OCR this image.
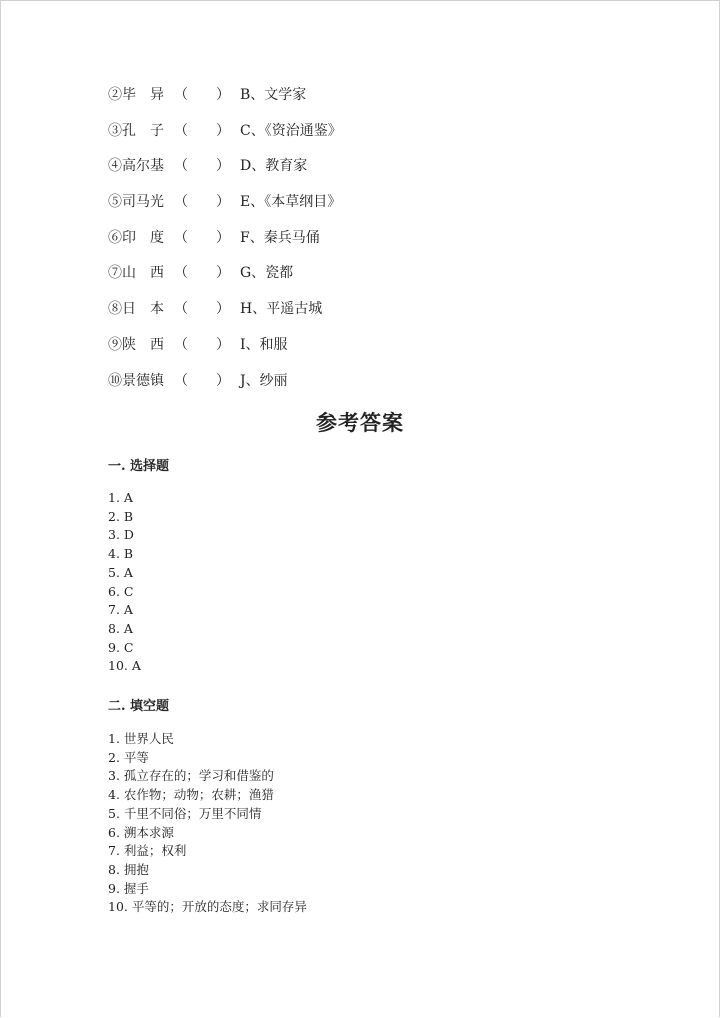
②毕　异 （　　） B、文学家
③孔　子 （　　） C、《资治通鉴》
④高尔基 （　　） D、教育家
⑤司马光 （　　） E、《本草纲目》
⑥印　度 （　　） F、秦兵马俑
⑦山　西 （　　） G、瓷都
⑧日　本 （　　） H、平遥古城
⑨陕　西 （　　） I、和服
⑩景德镇 （　　） J、纱丽
参考答案
一. 选择题
1. A
2. B
3. D
4. B
5. A
6. C
7. A
8. A
9. C
10. A
二. 填空题
1. 世界人民
2. 平等
3. 孤立存在的；学习和借鉴的
4. 农作物；动物；农耕；渔猎
5. 千里不同俗；万里不同情
6. 溯本求源
7. 利益；权利
8. 拥抱
9. 握手
10. 平等的；开放的态度；求同存异
